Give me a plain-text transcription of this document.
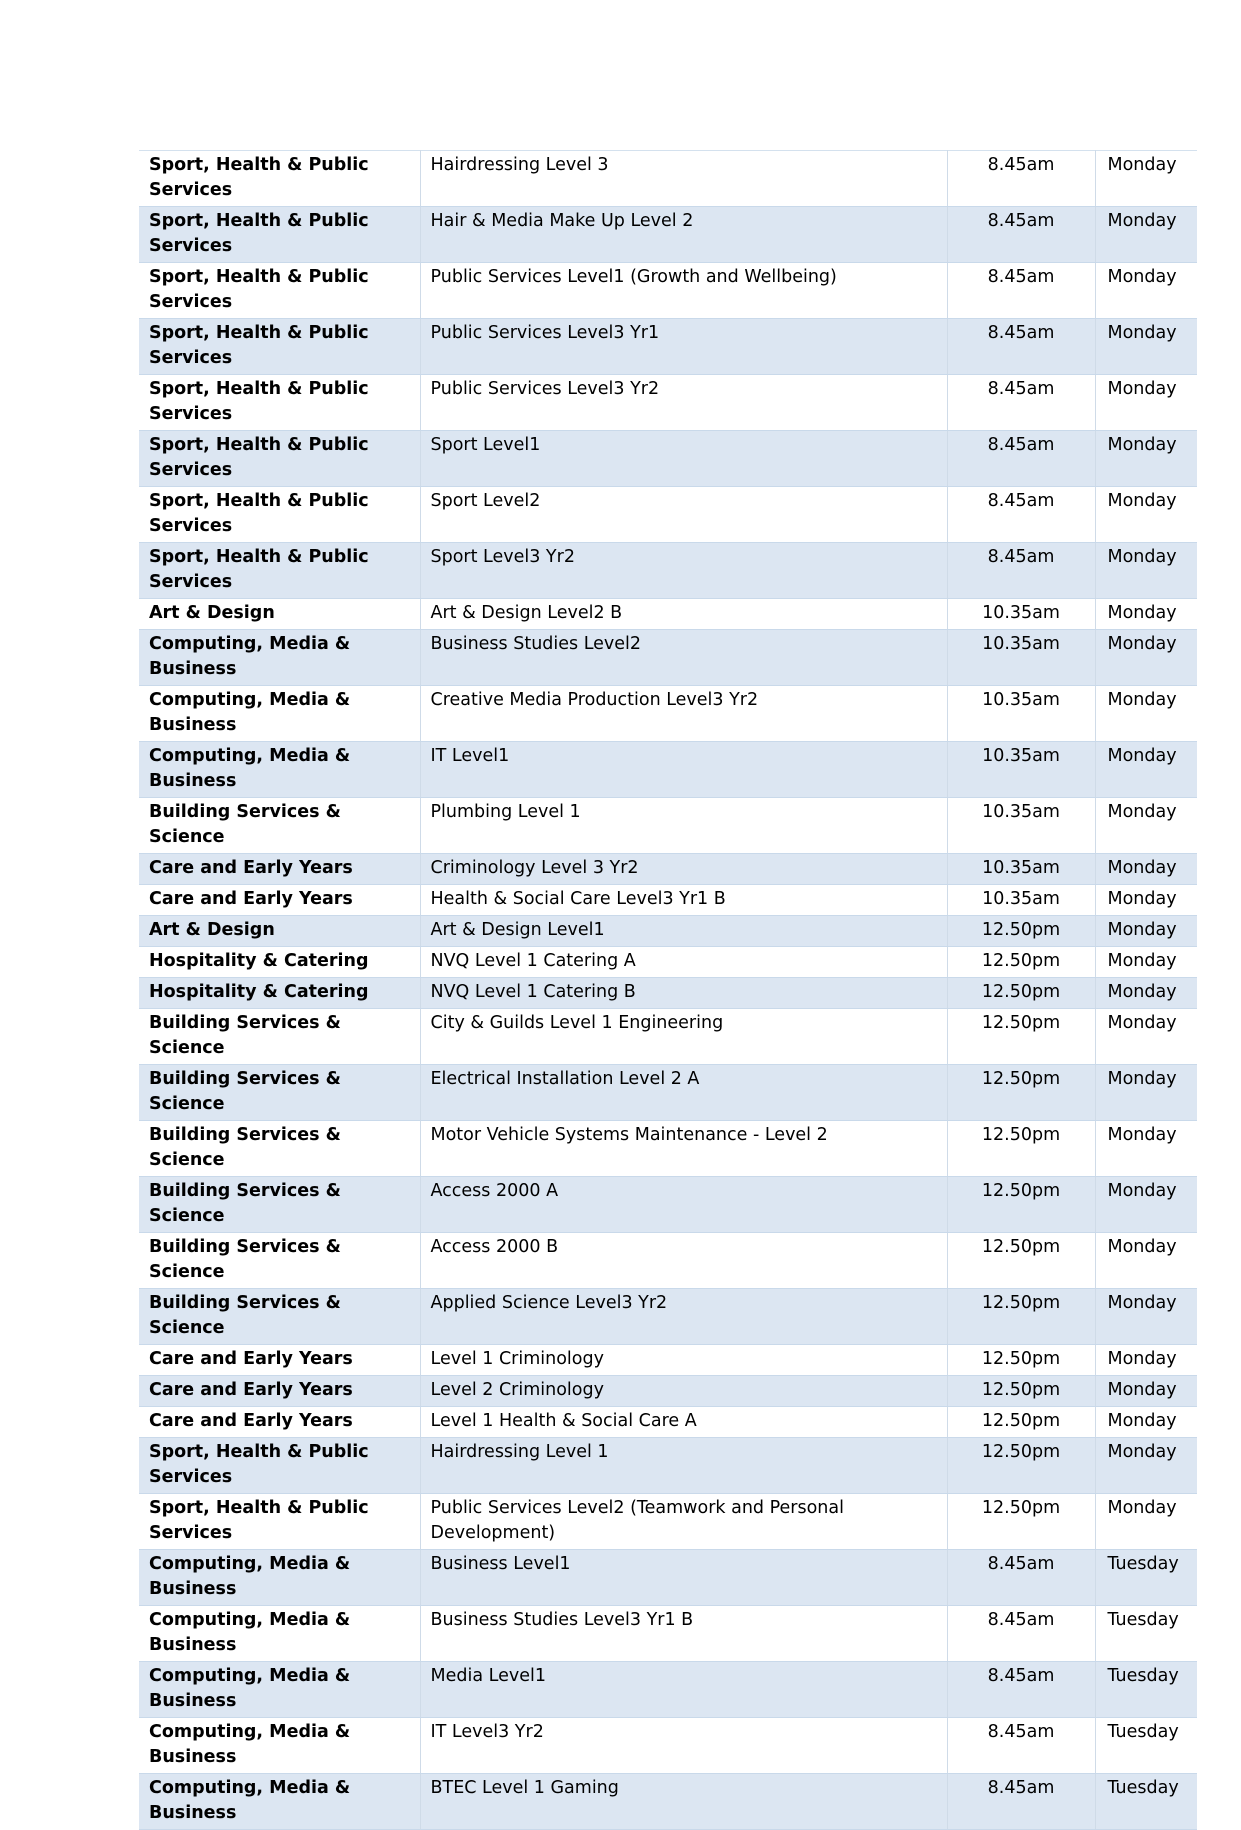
Sport, Health & Public Services	Hairdressing Level 3	8.45am	Monday
Sport, Health & Public Services	Hair & Media Make Up Level 2	8.45am	Monday
Sport, Health & Public Services	Public Services Level1 (Growth and Wellbeing)	8.45am	Monday
Sport, Health & Public Services	Public Services Level3 Yr1	8.45am	Monday
Sport, Health & Public Services	Public Services Level3 Yr2	8.45am	Monday
Sport, Health & Public Services	Sport Level1	8.45am	Monday
Sport, Health & Public Services	Sport Level2	8.45am	Monday
Sport, Health & Public Services	Sport Level3 Yr2	8.45am	Monday
Art & Design	Art & Design Level2 B	10.35am	Monday
Computing, Media & Business	Business Studies Level2	10.35am	Monday
Computing, Media & Business	Creative Media Production Level3 Yr2	10.35am	Monday
Computing, Media & Business	IT Level1	10.35am	Monday
Building Services & Science	Plumbing Level 1	10.35am	Monday
Care and Early Years	Criminology Level 3 Yr2	10.35am	Monday
Care and Early Years	Health & Social Care Level3 Yr1 B	10.35am	Monday
Art & Design	Art & Design Level1	12.50pm	Monday
Hospitality & Catering	NVQ Level 1 Catering A	12.50pm	Monday
Hospitality & Catering	NVQ Level 1 Catering B	12.50pm	Monday
Building Services & Science	City & Guilds Level 1 Engineering	12.50pm	Monday
Building Services & Science	Electrical Installation Level 2 A	12.50pm	Monday
Building Services & Science	Motor Vehicle Systems Maintenance - Level 2	12.50pm	Monday
Building Services & Science	Access 2000 A	12.50pm	Monday
Building Services & Science	Access 2000 B	12.50pm	Monday
Building Services & Science	Applied Science Level3 Yr2	12.50pm	Monday
Care and Early Years	Level 1 Criminology	12.50pm	Monday
Care and Early Years	Level 2 Criminology	12.50pm	Monday
Care and Early Years	Level 1 Health & Social Care A	12.50pm	Monday
Sport, Health & Public Services	Hairdressing Level 1	12.50pm	Monday
Sport, Health & Public Services	Public Services Level2 (Teamwork and Personal Development)	12.50pm	Monday
Computing, Media & Business	Business Level1	8.45am	Tuesday
Computing, Media & Business	Business Studies Level3 Yr1 B	8.45am	Tuesday
Computing, Media & Business	Media Level1	8.45am	Tuesday
Computing, Media & Business	IT Level3 Yr2	8.45am	Tuesday
Computing, Media & Business	BTEC Level 1 Gaming	8.45am	Tuesday
